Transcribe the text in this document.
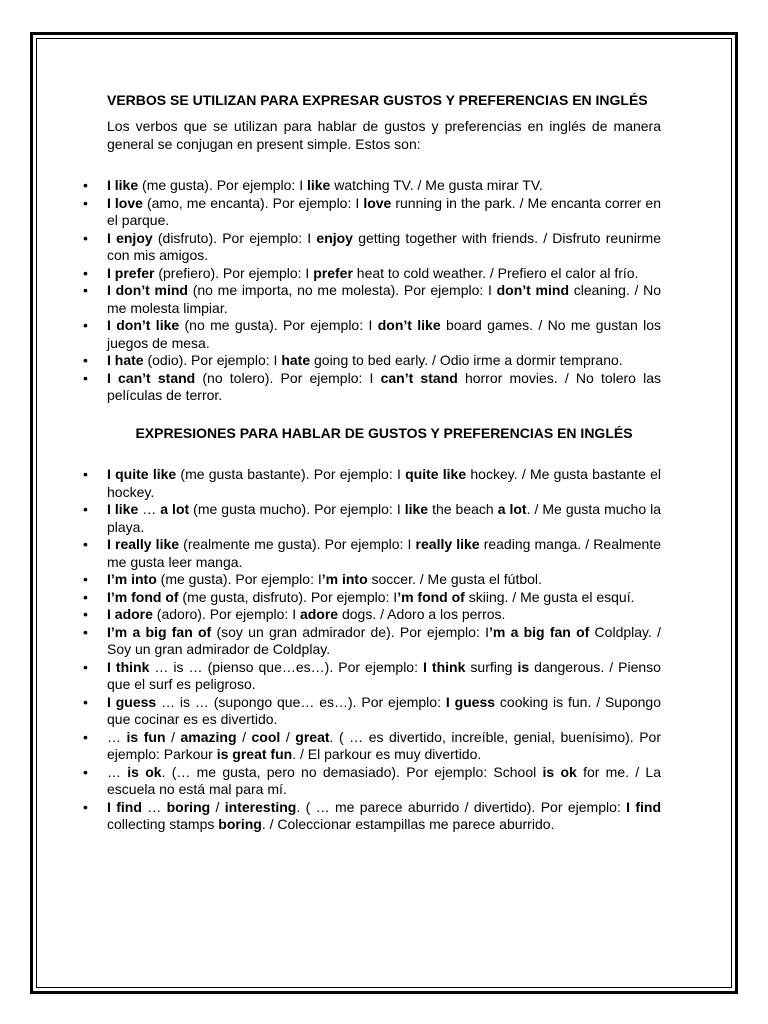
VERBOS SE UTILIZAN PARA EXPRESAR GUSTOS Y PREFERENCIAS EN INGLÉS
Los verbos que se utilizan para hablar de gustos y preferencias en inglés de manera general se conjugan en present simple. Estos son:
• I like (me gusta). Por ejemplo: I like watching TV. / Me gusta mirar TV.
• I love (amo, me encanta). Por ejemplo: I love running in the park. / Me encanta correr en el parque.
• I enjoy (disfruto). Por ejemplo: I enjoy getting together with friends. / Disfruto reunirme con mis amigos.
• I prefer (prefiero). Por ejemplo: I prefer heat to cold weather. / Prefiero el calor al frío.
• I don’t mind (no me importa, no me molesta). Por ejemplo: I don’t mind cleaning. / No me molesta limpiar.
• I don’t like (no me gusta). Por ejemplo: I don’t like board games. / No me gustan los juegos de mesa.
• I hate (odio). Por ejemplo: I hate going to bed early. / Odio irme a dormir temprano.
• I can’t stand (no tolero). Por ejemplo: I can’t stand horror movies. / No tolero las películas de terror.
EXPRESIONES PARA HABLAR DE GUSTOS Y PREFERENCIAS EN INGLÉS
• I quite like (me gusta bastante). Por ejemplo: I quite like hockey. / Me gusta bastante el hockey.
• I like … a lot (me gusta mucho). Por ejemplo: I like the beach a lot. / Me gusta mucho la playa.
• I really like (realmente me gusta). Por ejemplo: I really like reading manga. / Realmente me gusta leer manga.
• I’m into (me gusta). Por ejemplo: I’m into soccer. / Me gusta el fútbol.
• I’m fond of (me gusta, disfruto). Por ejemplo: I’m fond of skiing. / Me gusta el esquí.
• I adore (adoro). Por ejemplo: I adore dogs. / Adoro a los perros.
• I’m a big fan of (soy un gran admirador de). Por ejemplo: I’m a big fan of Coldplay. / Soy un gran admirador de Coldplay.
• I think … is … (pienso que…es…). Por ejemplo: I think surfing is dangerous. / Pienso que el surf es peligroso.
• I guess … is … (supongo que… es…). Por ejemplo: I guess cooking is fun. / Supongo que cocinar es es divertido.
• … is fun / amazing / cool / great. ( … es divertido, increíble, genial, buenísimo). Por ejemplo: Parkour is great fun. / El parkour es muy divertido.
• … is ok. (… me gusta, pero no demasiado). Por ejemplo: School is ok for me. / La escuela no está mal para mí.
• I find … boring / interesting. ( … me parece aburrido / divertido). Por ejemplo: I find collecting stamps boring. / Coleccionar estampillas me parece aburrido.
